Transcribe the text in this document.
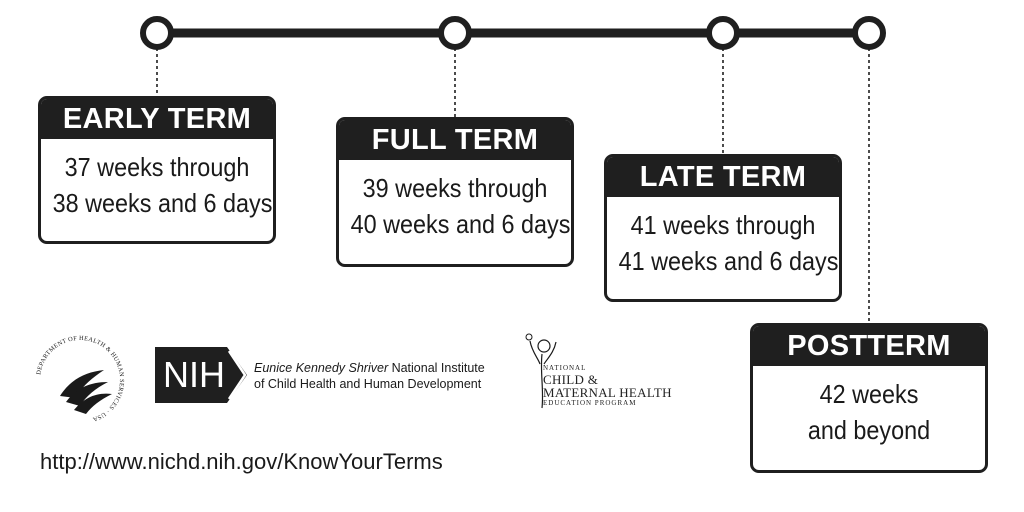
EARLY TERM
37 weeks through
38 weeks and 6 days
FULL TERM
39 weeks through
40 weeks and 6 days
LATE TERM
41 weeks through
41 weeks and 6 days
POSTTERM
42 weeks
and beyond
DEPARTMENT OF HEALTH & HUMAN SERVICES · USA
NIH Eunice Kennedy Shriver National Institute
of Child Health and Human Development
NATIONAL
CHILD &
MATERNAL HEALTH
EDUCATION PROGRAM
http://www.nichd.nih.gov/KnowYourTerms
